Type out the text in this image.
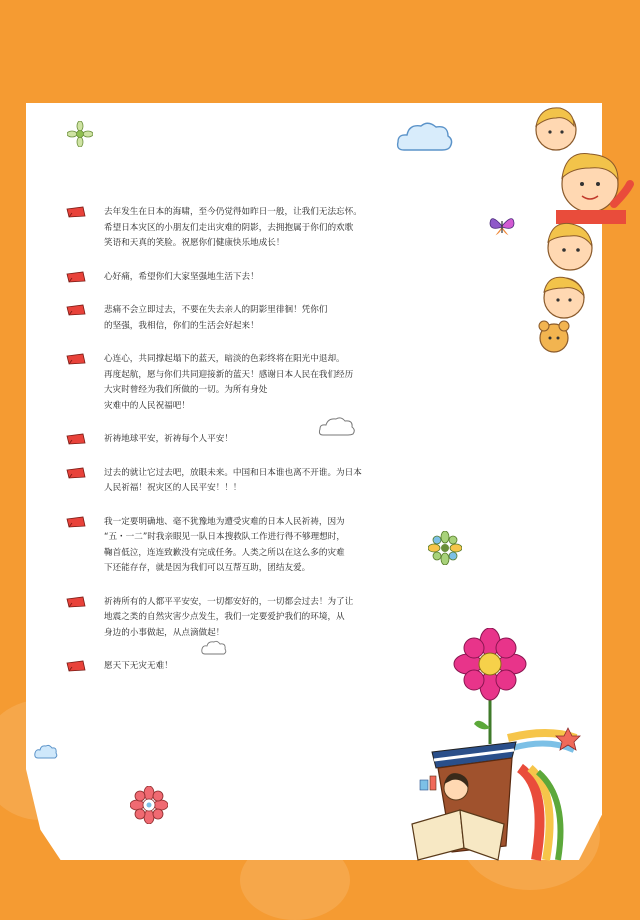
去年发生在日本的海啸，至今仍觉得如昨日一般，让我们无法忘怀。
希望日本灾区的小朋友们走出灾难的阴影，去拥抱属于你们的欢歌
笑语和天真的笑脸。祝愿你们健康快乐地成长！
心好痛，希望你们大家坚强地生活下去！
悲痛不会立即过去，不要在失去亲人的阴影里徘徊！凭你们
的坚强，我相信，你们的生活会好起来！
心连心，共同撑起塌下的蓝天，暗淡的色彩终将在阳光中退却。
再度起航，愿与你们共同迎接新的蓝天！感谢日本人民在我们经历
大灾时曾经为我们所做的一切。为所有身处
灾难中的人民祝福吧！
祈祷地球平安，祈祷每个人平安！
过去的就让它过去吧，放眼未来。中国和日本谁也离不开谁。为日本
人民祈福！祝灾区的人民平安！！！
我一定要明确地、毫不犹豫地为遭受灾难的日本人民祈祷，因为
“五・一二”时我亲眼见一队日本搜救队工作进行得不够理想时，
鞠首低泣，连连致歉没有完成任务。人类之所以在这么多的灾难
下还能存存，就是因为我们可以互帮互助，团结友爱。
祈祷所有的人都平平安安，一切都安好的，一切都会过去！为了让
地震之类的自然灾害少点发生，我们一定要爱护我们的环境，从
身边的小事做起，从点滴做起！
愿天下无灾无难！
